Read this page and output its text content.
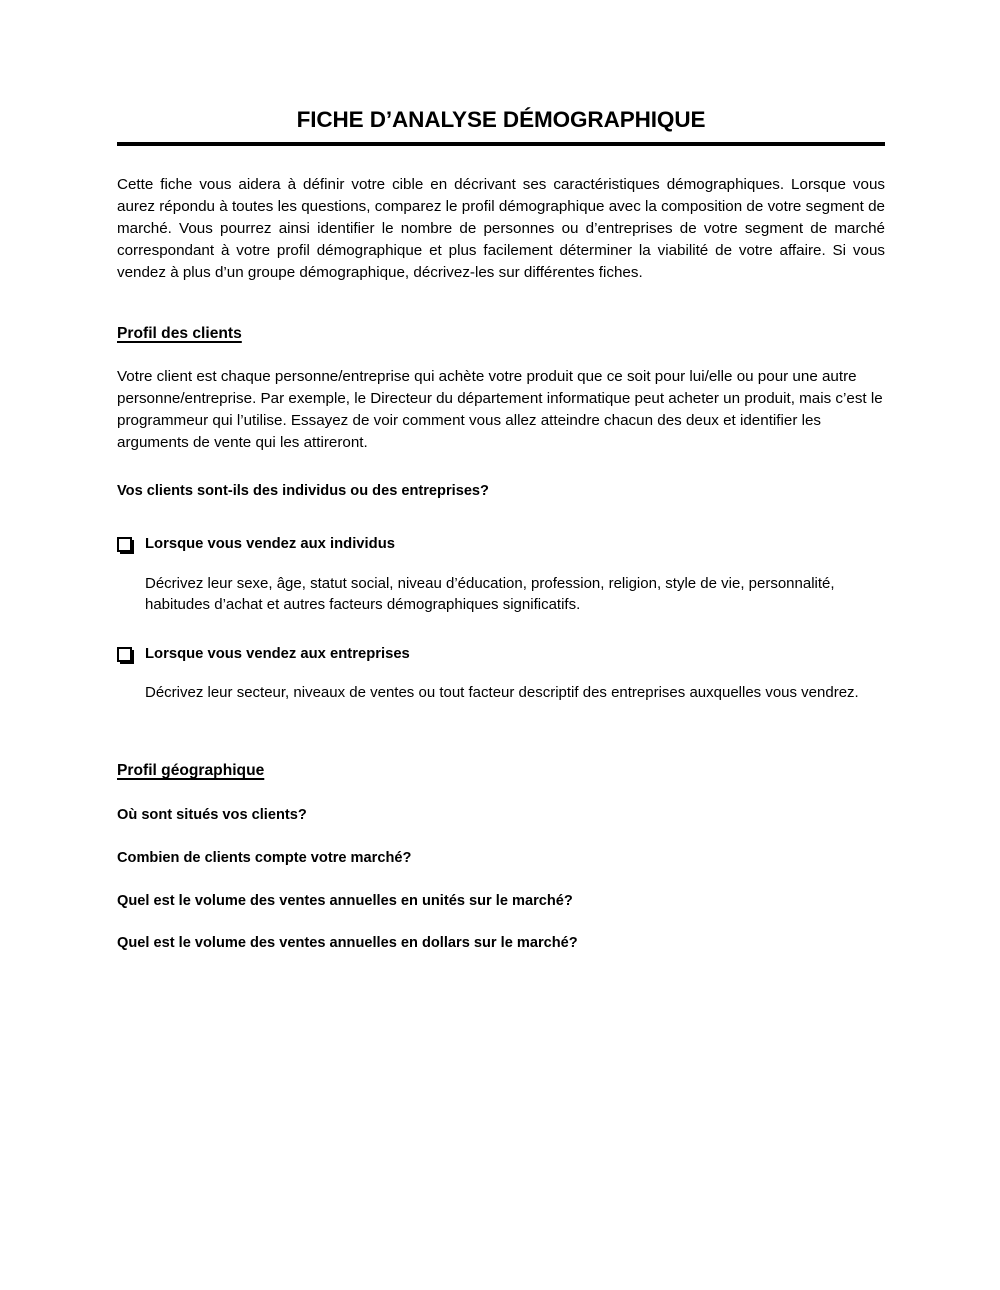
FICHE D’ANALYSE DÉMOGRAPHIQUE

Cette fiche vous aidera à définir votre cible en décrivant ses caractéristiques démographiques. Lorsque vous aurez répondu à toutes les questions, comparez le profil démographique avec la composition de votre segment de marché. Vous pourrez ainsi identifier le nombre de personnes ou d’entreprises de votre segment de marché correspondant à votre profil démographique et plus facilement déterminer la viabilité de votre affaire. Si vous vendez à plus d’un groupe démographique, décrivez-les sur différentes fiches.

Profil des clients

Votre client est chaque personne/entreprise qui achète votre produit que ce soit pour lui/elle ou pour une autre personne/entreprise. Par exemple, le Directeur du département informatique peut acheter un produit, mais c’est le programmeur qui l’utilise. Essayez de voir comment vous allez atteindre chacun des deux et identifier les arguments de vente qui les attireront.

Vos clients sont-ils des individus ou des entreprises?

Lorsque vous vendez aux individus

Décrivez leur sexe, âge, statut social, niveau d’éducation, profession, religion, style de vie, personnalité, habitudes d’achat et autres facteurs démographiques significatifs.

Lorsque vous vendez aux entreprises

Décrivez leur secteur, niveaux de ventes ou tout facteur descriptif des entreprises auxquelles vous vendrez.

Profil géographique

Où sont situés vos clients?

Combien de clients compte votre marché?

Quel est le volume des ventes annuelles en unités sur le marché?

Quel est le volume des ventes annuelles en dollars sur le marché?
